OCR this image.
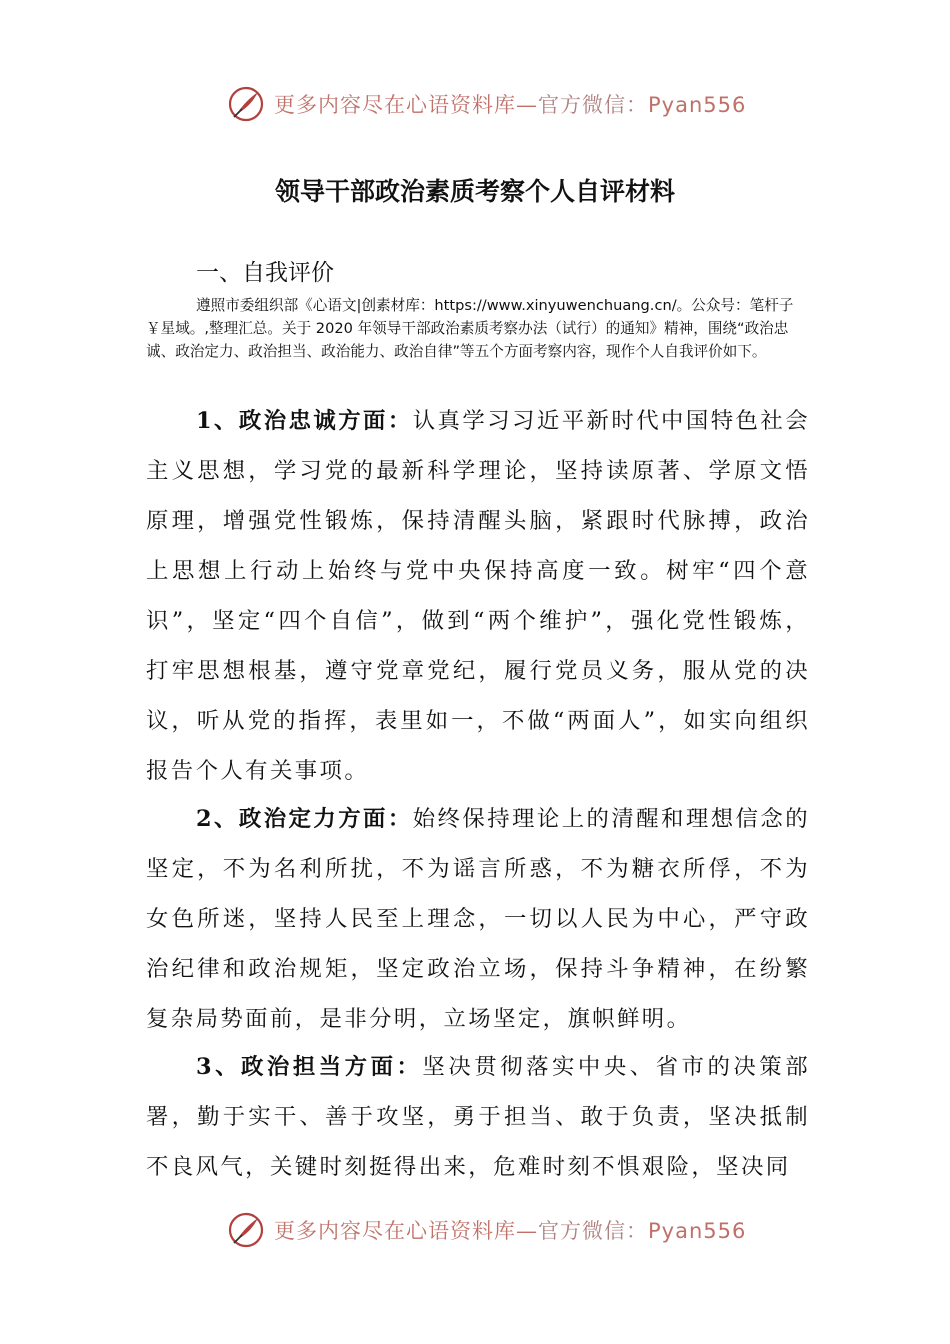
更多内容尽在心语资料库—官方微信：Pyan556
领导干部政治素质考察个人自评材料
一、自我评价

遵照市委组织部《心语文|创素材库：https://www.xinyuwenchuang.cn/。公众号：笔杆子￥星域。,整理汇总。关于 2020 年领导干部政治素质考察办法（试行）的通知》精神，围绕“政治忠诚、政治定力、政治担当、政治能力、政治自律”等五个方面考察内容，现作个人自我评价如下。

1、政治忠诚方面：认真学习习近平新时代中国特色社会主义思想，学习党的最新科学理论，坚持读原著、学原文悟原理，增强党性锻炼，保持清醒头脑，紧跟时代脉搏，政治上思想上行动上始终与党中央保持高度一致。树牢“四个意识”，坚定“四个自信”，做到“两个维护”，强化党性锻炼，打牢思想根基，遵守党章党纪，履行党员义务，服从党的决议，听从党的指挥，表里如一，不做“两面人”，如实向组织报告个人有关事项。

2、政治定力方面：始终保持理论上的清醒和理想信念的坚定，不为名利所扰，不为谣言所惑，不为糖衣所俘，不为女色所迷，坚持人民至上理念，一切以人民为中心，严守政治纪律和政治规矩，坚定政治立场，保持斗争精神，在纷繁复杂局势面前，是非分明，立场坚定，旗帜鲜明。

3、政治担当方面：坚决贯彻落实中央、省市的决策部署，勤于实干、善于攻坚，勇于担当、敢于负责，坚决抵制不良风气，关键时刻挺得出来，危难时刻不惧艰险，坚决同

更多内容尽在心语资料库—官方微信：Pyan556
